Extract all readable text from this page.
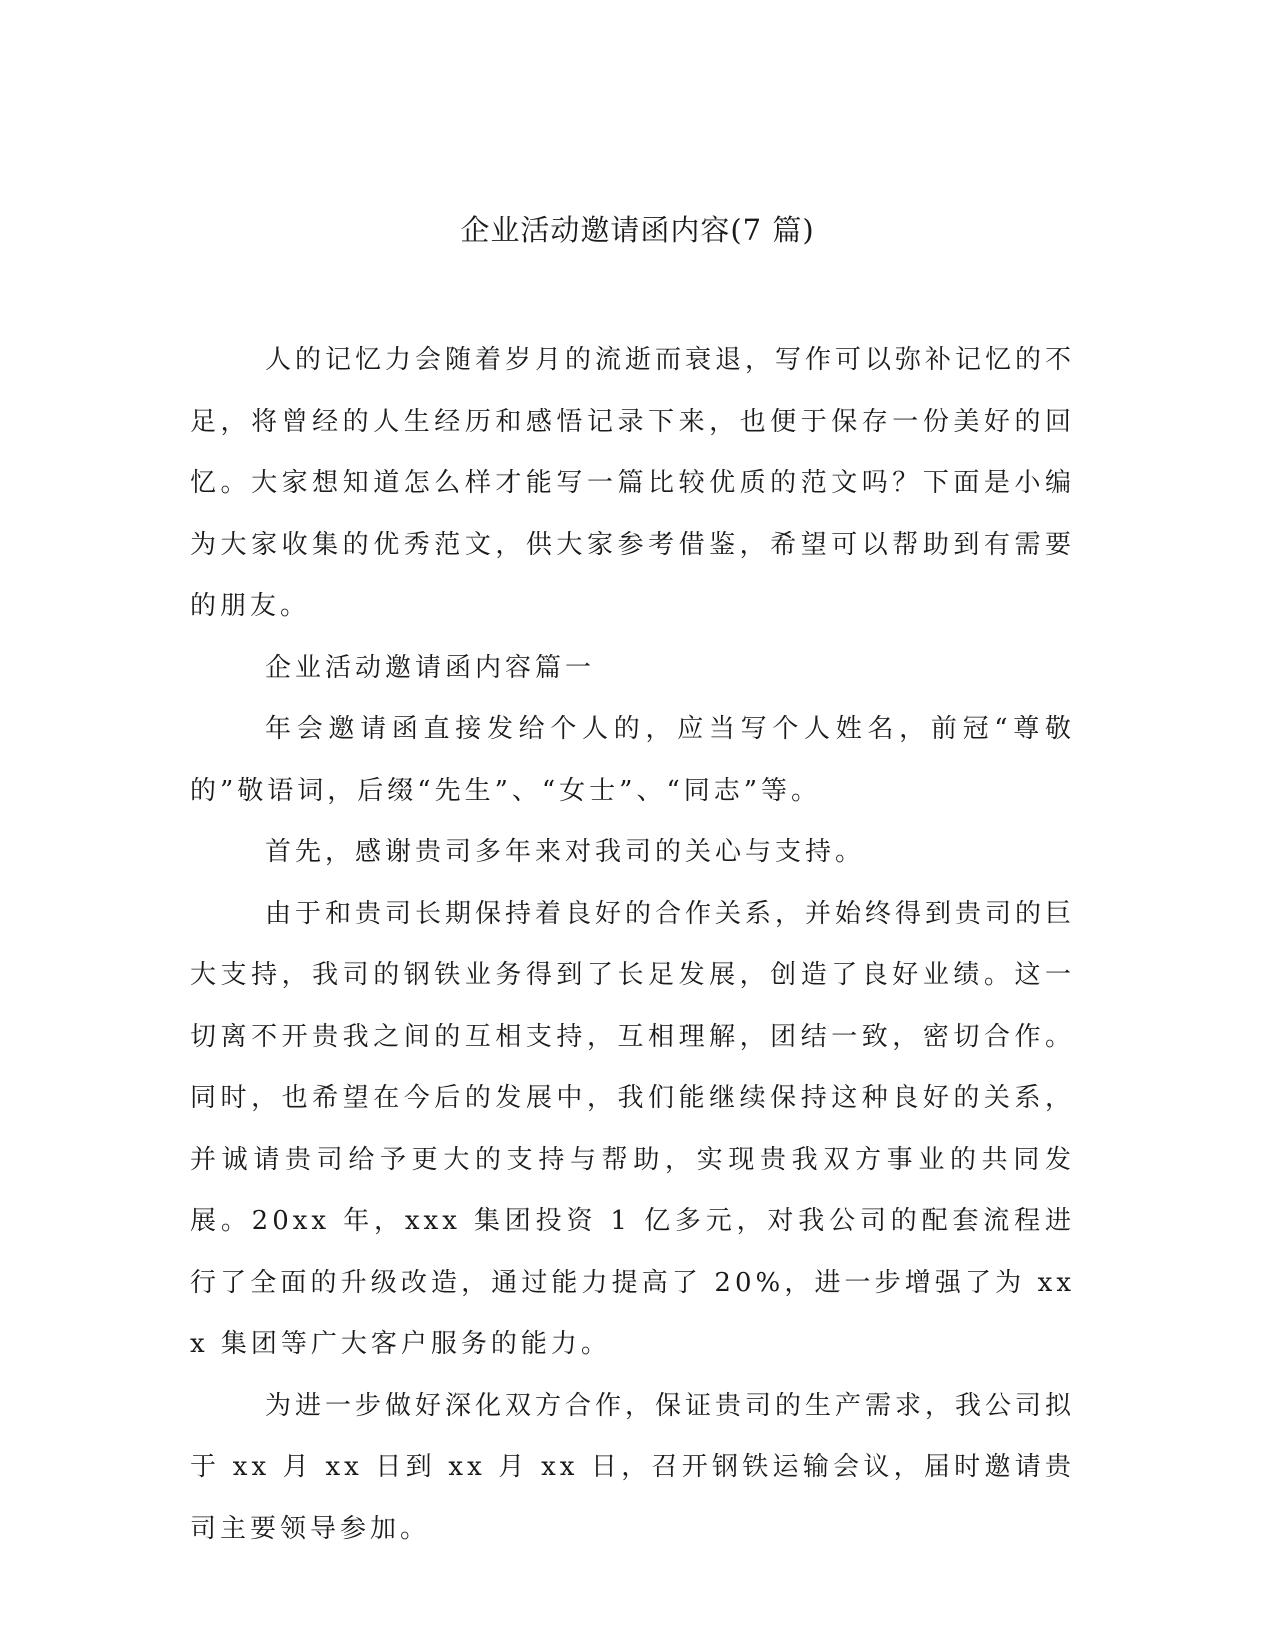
企业活动邀请函内容(7 篇)

人的记忆力会随着岁月的流逝而衰退，写作可以弥补记忆的不足，将曾经的人生经历和感悟记录下来，也便于保存一份美好的回忆。大家想知道怎么样才能写一篇比较优质的范文吗？下面是小编为大家收集的优秀范文，供大家参考借鉴，希望可以帮助到有需要的朋友。

企业活动邀请函内容篇一

年会邀请函直接发给个人的，应当写个人姓名，前冠“尊敬的”敬语词，后缀“先生”、“女士”、“同志”等。

首先，感谢贵司多年来对我司的关心与支持。

由于和贵司长期保持着良好的合作关系，并始终得到贵司的巨大支持，我司的钢铁业务得到了长足发展，创造了良好业绩。这一切离不开贵我之间的互相支持，互相理解，团结一致，密切合作。同时，也希望在今后的发展中，我们能继续保持这种良好的关系，并诚请贵司给予更大的支持与帮助，实现贵我双方事业的共同发展。20xx 年，xxx 集团投资 1 亿多元，对我公司的配套流程进行了全面的升级改造，通过能力提高了 20%，进一步增强了为 xxx 集团等广大客户服务的能力。

为进一步做好深化双方合作，保证贵司的生产需求，我公司拟于 xx 月 xx 日到 xx 月 xx 日，召开钢铁运输会议，届时邀请贵司主要领导参加。
